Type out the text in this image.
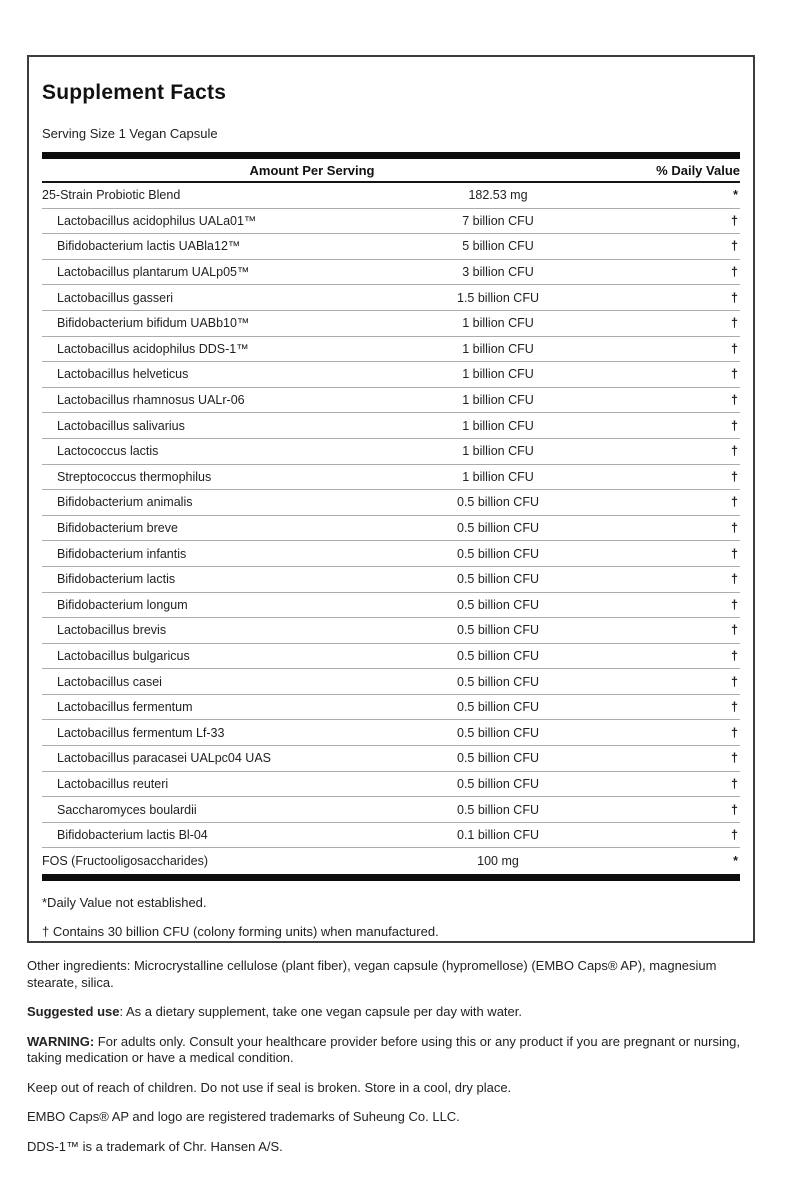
Supplement Facts
Serving Size 1 Vegan Capsule
Amount Per Serving	% Daily Value
25-Strain Probiotic Blend	182.53 mg	*
Lactobacillus acidophilus UALa01™	7 billion CFU	†
Bifidobacterium lactis UABla12™	5 billion CFU	†
Lactobacillus plantarum UALp05™	3 billion CFU	†
Lactobacillus gasseri	1.5 billion CFU	†
Bifidobacterium bifidum UABb10™	1 billion CFU	†
Lactobacillus acidophilus DDS-1™	1 billion CFU	†
Lactobacillus helveticus	1 billion CFU	†
Lactobacillus rhamnosus UALr-06	1 billion CFU	†
Lactobacillus salivarius	1 billion CFU	†
Lactococcus lactis	1 billion CFU	†
Streptococcus thermophilus	1 billion CFU	†
Bifidobacterium animalis	0.5 billion CFU	†
Bifidobacterium breve	0.5 billion CFU	†
Bifidobacterium infantis	0.5 billion CFU	†
Bifidobacterium lactis	0.5 billion CFU	†
Bifidobacterium longum	0.5 billion CFU	†
Lactobacillus brevis	0.5 billion CFU	†
Lactobacillus bulgaricus	0.5 billion CFU	†
Lactobacillus casei	0.5 billion CFU	†
Lactobacillus fermentum	0.5 billion CFU	†
Lactobacillus fermentum Lf-33	0.5 billion CFU	†
Lactobacillus paracasei UALpc04 UAS	0.5 billion CFU	†
Lactobacillus reuteri	0.5 billion CFU	†
Saccharomyces boulardii	0.5 billion CFU	†
Bifidobacterium lactis Bl-04	0.1 billion CFU	†
FOS (Fructooligosaccharides)	100 mg	*
*Daily Value not established.
† Contains 30 billion CFU (colony forming units) when manufactured.

Other ingredients: Microcrystalline cellulose (plant fiber), vegan capsule (hypromellose) (EMBO Caps® AP), magnesium stearate, silica.

Suggested use: As a dietary supplement, take one vegan capsule per day with water.

WARNING: For adults only. Consult your healthcare provider before using this or any product if you are pregnant or nursing, taking medication or have a medical condition.

Keep out of reach of children. Do not use if seal is broken. Store in a cool, dry place.

EMBO Caps® AP and logo are registered trademarks of Suheung Co. LLC.

DDS-1™ is a trademark of Chr. Hansen A/S.
